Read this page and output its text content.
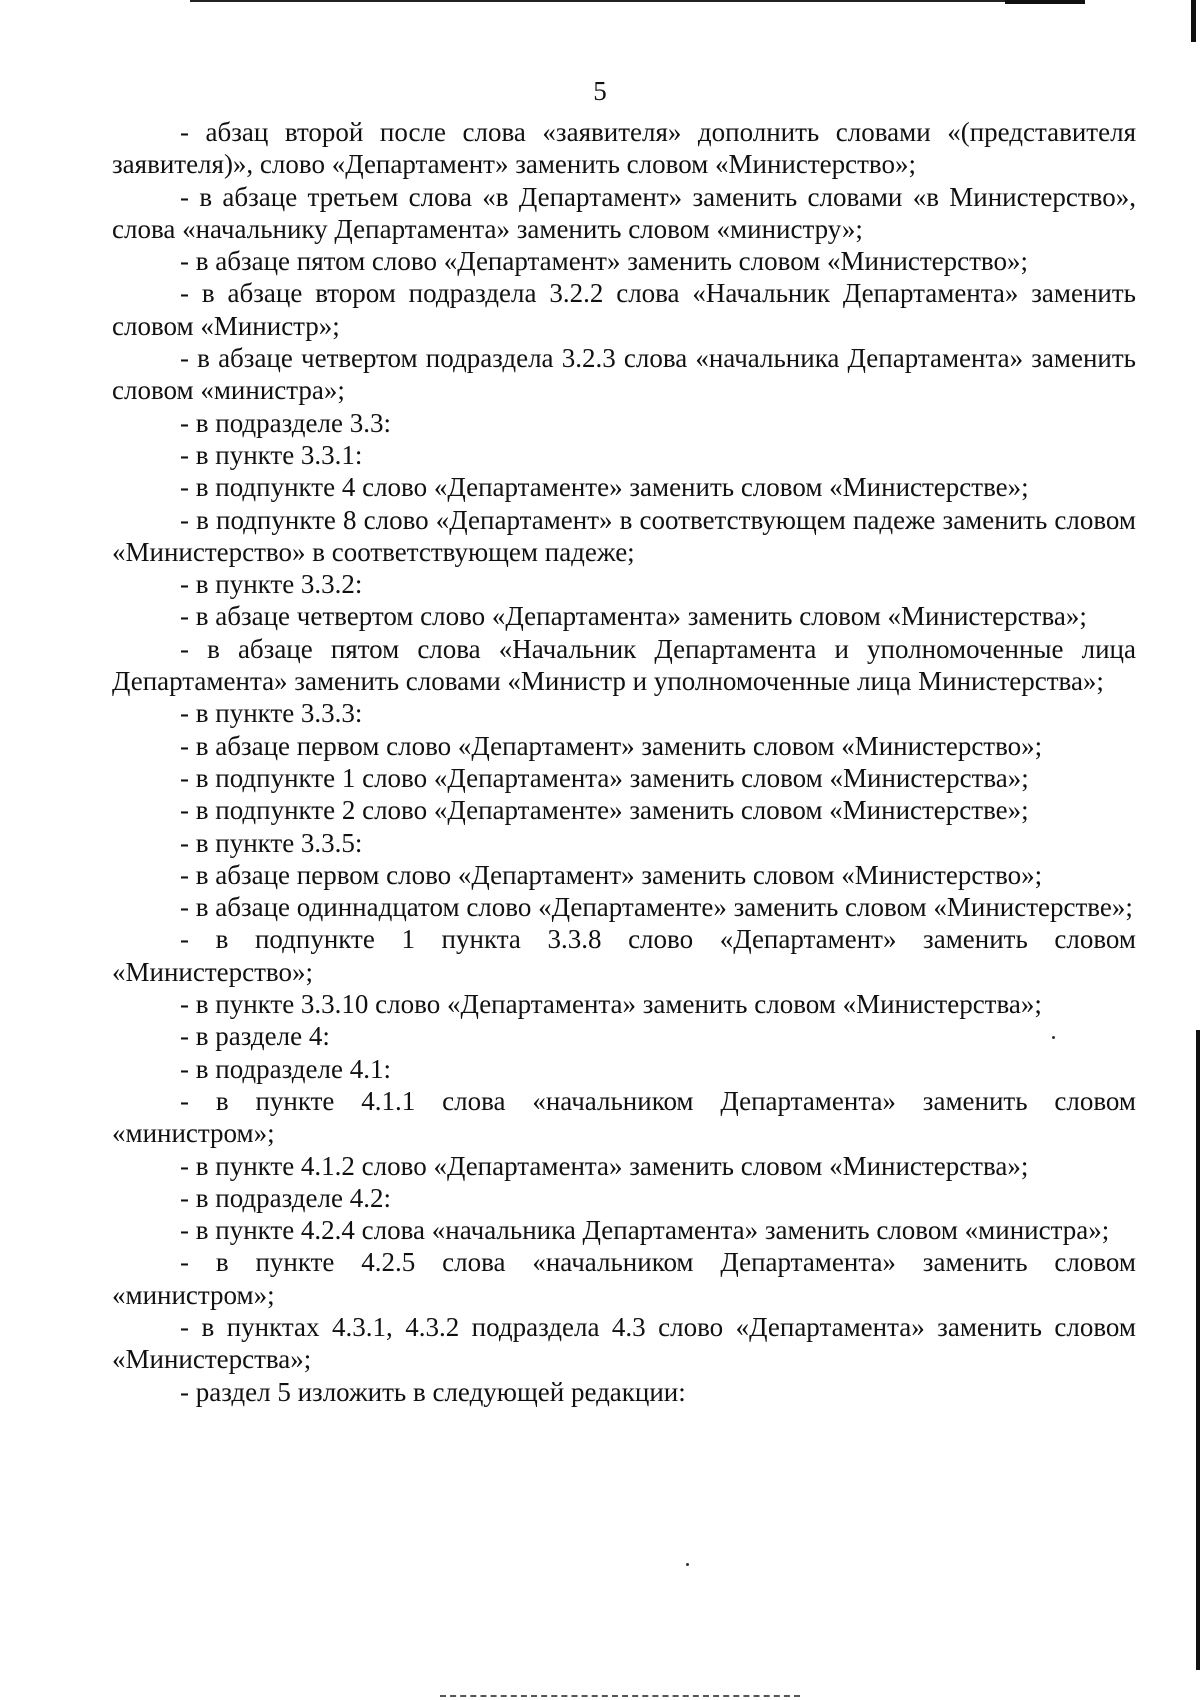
5

- абзац второй после слова «заявителя» дополнить словами «(представителя заявителя)», слово «Департамент» заменить словом «Министерство»;

- в абзаце третьем слова «в Департамент» заменить словами «в Министерство», слова «начальнику Департамента» заменить словом «министру»;

- в абзаце пятом слово «Департамент» заменить словом «Министерство»;

- в абзаце втором подраздела 3.2.2 слова «Начальник Департамента» заменить словом «Министр»;

- в абзаце четвертом подраздела 3.2.3 слова «начальника Департамента» заменить словом «министра»;

- в подразделе 3.3:

- в пункте 3.3.1:

- в подпункте 4 слово «Департаменте» заменить словом «Министерстве»;

- в подпункте 8 слово «Департамент» в соответствующем падеже заменить словом «Министерство» в соответствующем падеже;

- в пункте 3.3.2:

- в абзаце четвертом слово «Департамента» заменить словом «Министерства»;

- в абзаце пятом слова «Начальник Департамента и уполномоченные лица Департамента» заменить словами «Министр и уполномоченные лица Министерства»;

- в пункте 3.3.3:

- в абзаце первом слово «Департамент» заменить словом «Министерство»;

- в подпункте 1 слово «Департамента» заменить словом «Министерства»;

- в подпункте 2 слово «Департаменте» заменить словом «Министерстве»;

- в пункте 3.3.5:

- в абзаце первом слово «Департамент» заменить словом «Министерство»;

- в абзаце одиннадцатом слово «Департаменте» заменить словом «Министерстве»;

- в подпункте 1 пункта 3.3.8 слово «Департамент» заменить словом «Министерство»;

- в пункте 3.3.10 слово «Департамента» заменить словом «Министерства»;

- в разделе 4:

- в подразделе 4.1:

- в пункте 4.1.1 слова «начальником Департамента» заменить словом «министром»;

- в пункте 4.1.2 слово «Департамента» заменить словом «Министерства»;

- в подразделе 4.2:

- в пункте 4.2.4 слова «начальника Департамента» заменить словом «министра»;

- в пункте 4.2.5 слова «начальником Департамента» заменить словом «министром»;

- в пунктах 4.3.1, 4.3.2 подраздела 4.3 слово «Департамента» заменить словом «Министерства»;

- раздел 5 изложить в следующей редакции:
